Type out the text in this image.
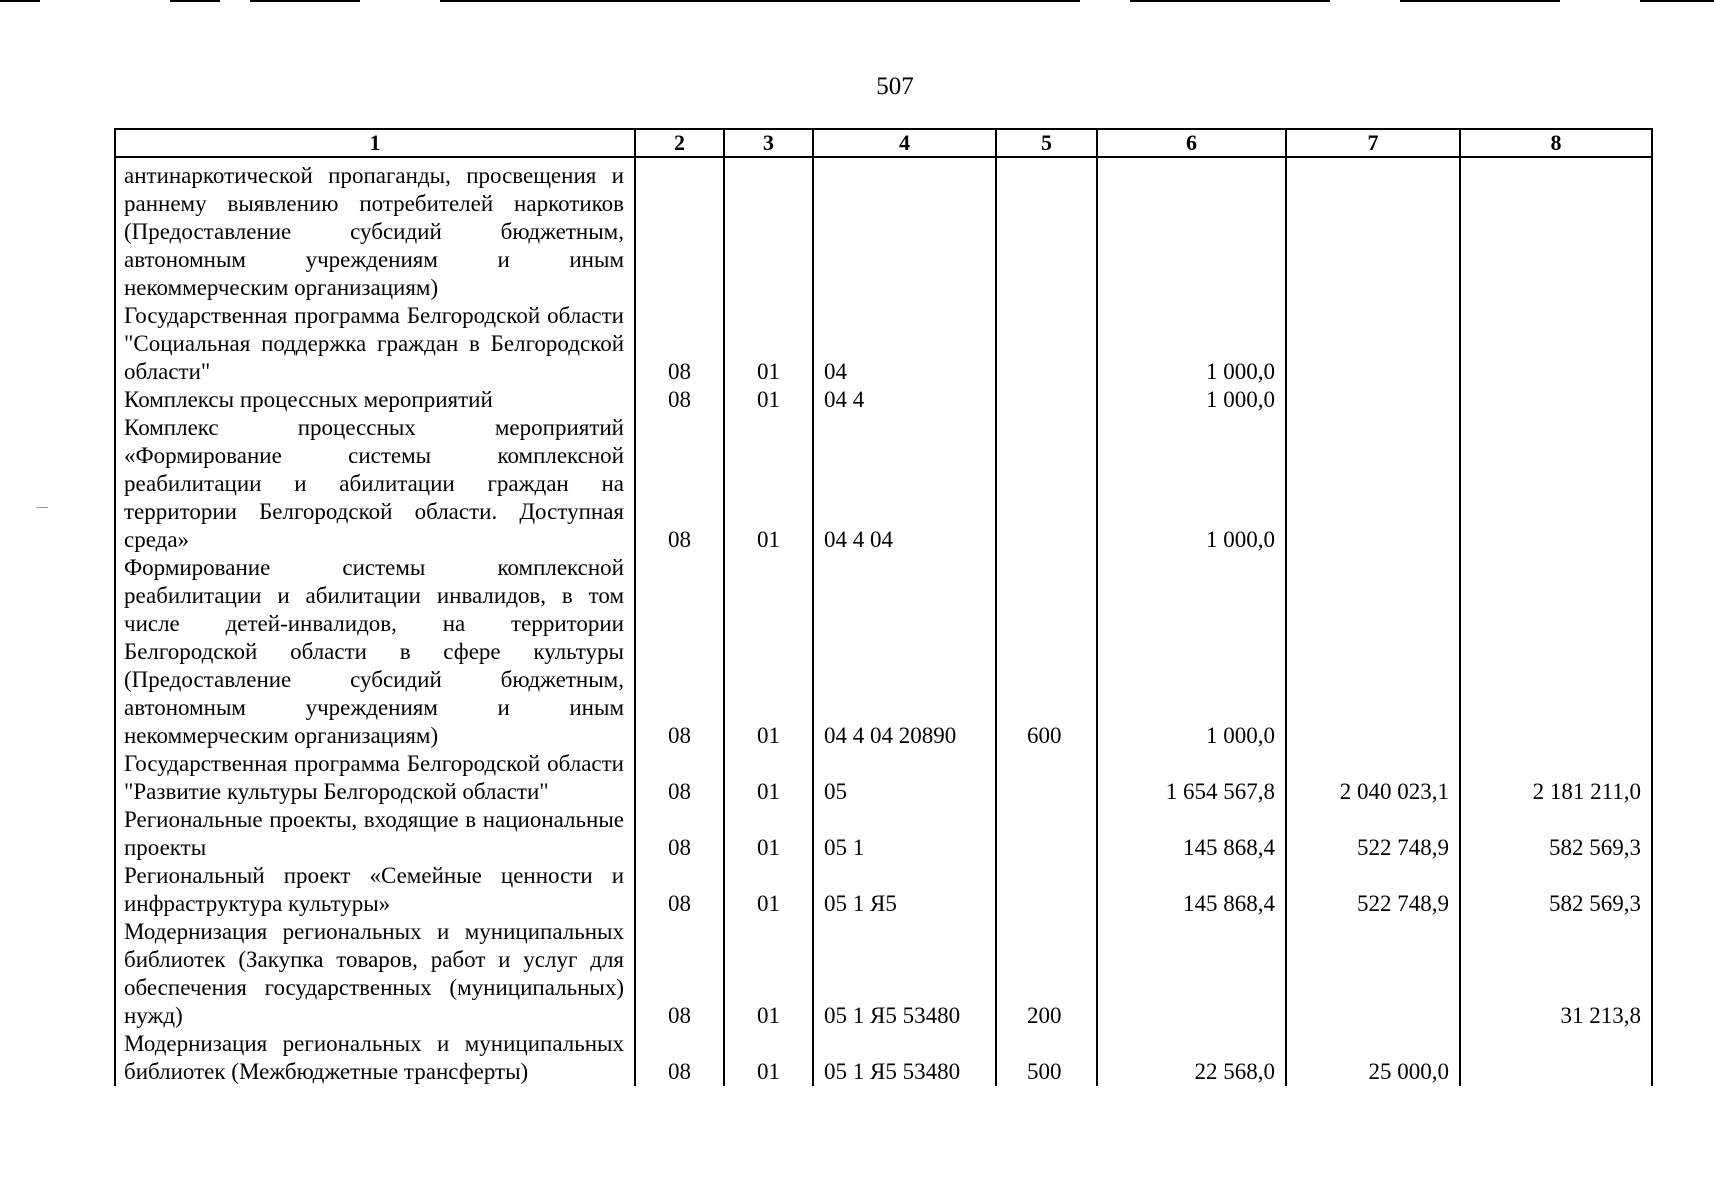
507
1	2	3	4	5	6	7	8
антинаркотической пропаганды, просвещения и раннему выявлению потребителей наркотиков (Предоставление субсидий бюджетным, автономным учреждениям и иным некоммерческим организациям)							
Государственная программа Белгородской области "Социальная поддержка граждан в Белгородской области"	08	01	04		1 000,0		
Комплексы процессных мероприятий	08	01	04 4		1 000,0		
Комплекс процессных мероприятий «Формирование системы комплексной реабилитации и абилитации граждан на территории Белгородской области. Доступная среда»	08	01	04 4 04		1 000,0		
Формирование системы комплексной реабилитации и абилитации инвалидов, в том числе детей-инвалидов, на территории Белгородской области в сфере культуры (Предоставление субсидий бюджетным, автономным учреждениям и иным некоммерческим организациям)	08	01	04 4 04 20890	600	1 000,0		
Государственная программа Белгородской области "Развитие культуры Белгородской области"	08	01	05		1 654 567,8	2 040 023,1	2 181 211,0
Региональные проекты, входящие в национальные проекты	08	01	05 1		145 868,4	522 748,9	582 569,3
Региональный проект «Семейные ценности и инфраструктура культуры»	08	01	05 1 Я5		145 868,4	522 748,9	582 569,3
Модернизация региональных и муниципальных библиотек (Закупка товаров, работ и услуг для обеспечения государственных (муниципальных) нужд)	08	01	05 1 Я5 53480	200			31 213,8
Модернизация региональных и муниципальных библиотек (Межбюджетные трансферты)	08	01	05 1 Я5 53480	500	22 568,0	25 000,0	
